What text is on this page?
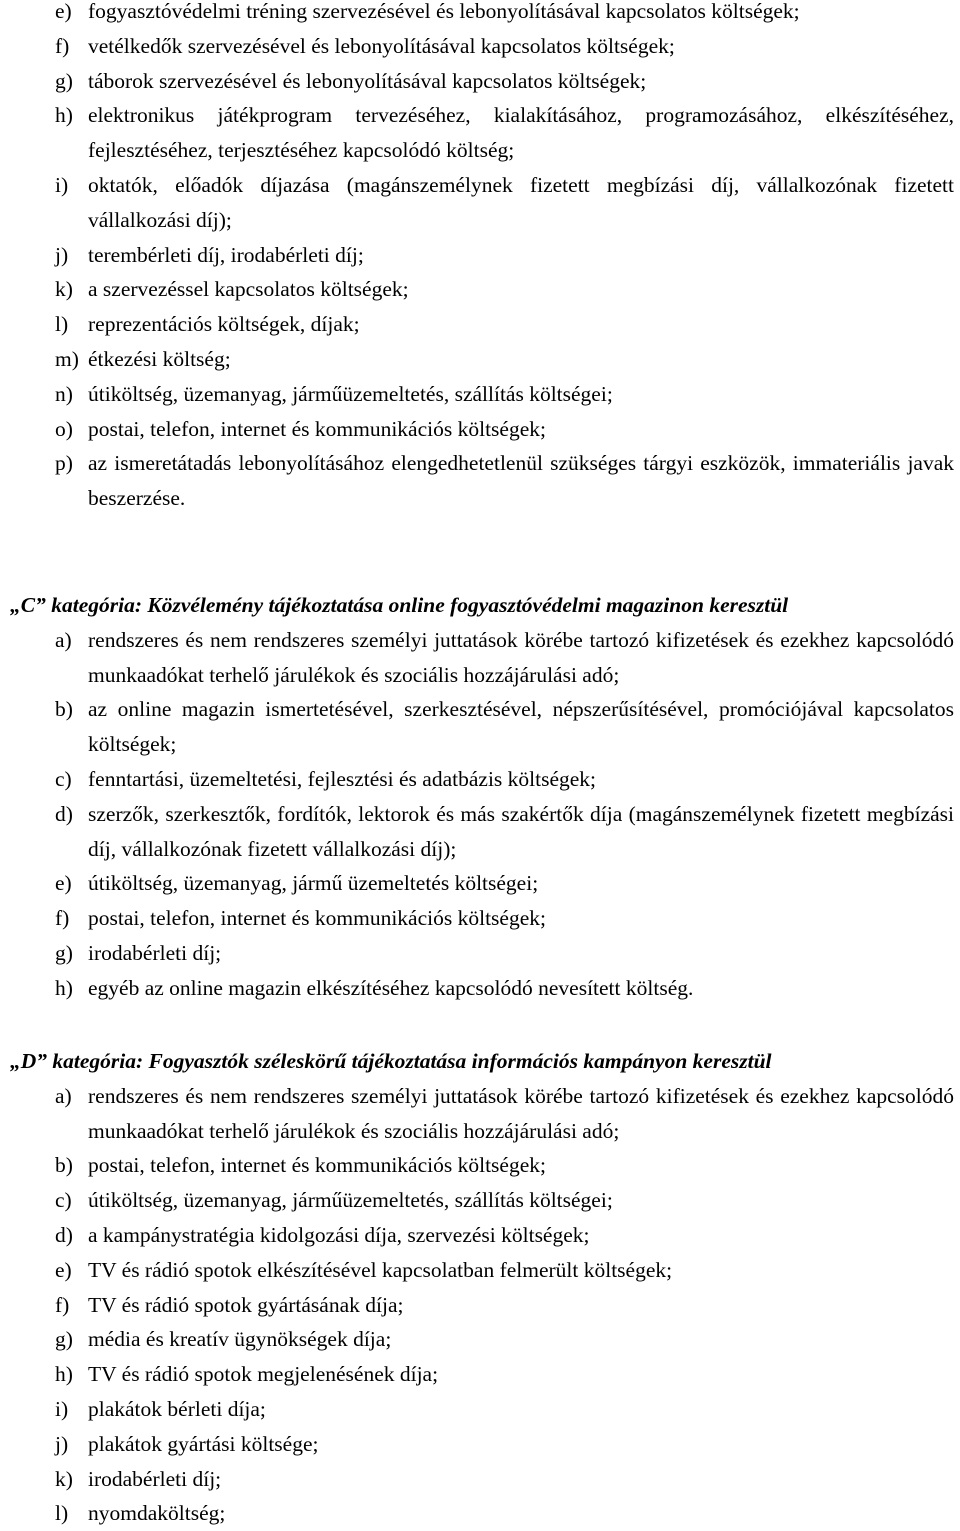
e) fogyasztóvédelmi tréning szervezésével és lebonyolításával kapcsolatos költségek;
f) vetélkedők szervezésével és lebonyolításával kapcsolatos költségek;
g) táborok szervezésével és lebonyolításával kapcsolatos költségek;
h) elektronikus játékprogram tervezéséhez, kialakításához, programozásához, elkészítéséhez, fejlesztéséhez, terjesztéséhez kapcsolódó költség;
i) oktatók, előadók díjazása (magánszemélynek fizetett megbízási díj, vállalkozónak fizetett vállalkozási díj);
j) terembérleti díj, irodabérleti díj;
k) a szervezéssel kapcsolatos költségek;
l) reprezentációs költségek, díjak;
m) étkezési költség;
n) útiköltség, üzemanyag, járműüzemeltetés, szállítás költségei;
o) postai, telefon, internet és kommunikációs költségek;
p) az ismeretátadás lebonyolításához elengedhetetlenül szükséges tárgyi eszközök, immateriális javak beszerzése.
„C” kategória: Közvélemény tájékoztatása online fogyasztóvédelmi magazinon keresztül
a) rendszeres és nem rendszeres személyi juttatások körébe tartozó kifizetések és ezekhez kapcsolódó munkaadókat terhelő járulékok és szociális hozzájárulási adó;
b) az online magazin ismertetésével, szerkesztésével, népszerűsítésével, promóciójával kapcsolatos költségek;
c) fenntartási, üzemeltetési, fejlesztési és adatbázis költségek;
d) szerzők, szerkesztők, fordítók, lektorok és más szakértők díja (magánszemélynek fizetett megbízási díj, vállalkozónak fizetett vállalkozási díj);
e) útiköltség, üzemanyag, jármű üzemeltetés költségei;
f) postai, telefon, internet és kommunikációs költségek;
g) irodabérleti díj;
h) egyéb az online magazin elkészítéséhez kapcsolódó nevesített költség.
„D” kategória: Fogyasztók széleskörű tájékoztatása információs kampányon keresztül
a) rendszeres és nem rendszeres személyi juttatások körébe tartozó kifizetések és ezekhez kapcsolódó munkaadókat terhelő járulékok és szociális hozzájárulási adó;
b) postai, telefon, internet és kommunikációs költségek;
c) útiköltség, üzemanyag, járműüzemeltetés, szállítás költségei;
d) a kampánystratégia kidolgozási díja, szervezési költségek;
e) TV és rádió spotok elkészítésével kapcsolatban felmerült költségek;
f) TV és rádió spotok gyártásának díja;
g) média és kreatív ügynökségek díja;
h) TV és rádió spotok megjelenésének díja;
i) plakátok bérleti díja;
j) plakátok gyártási költsége;
k) irodabérleti díj;
l) nyomdaköltség;
